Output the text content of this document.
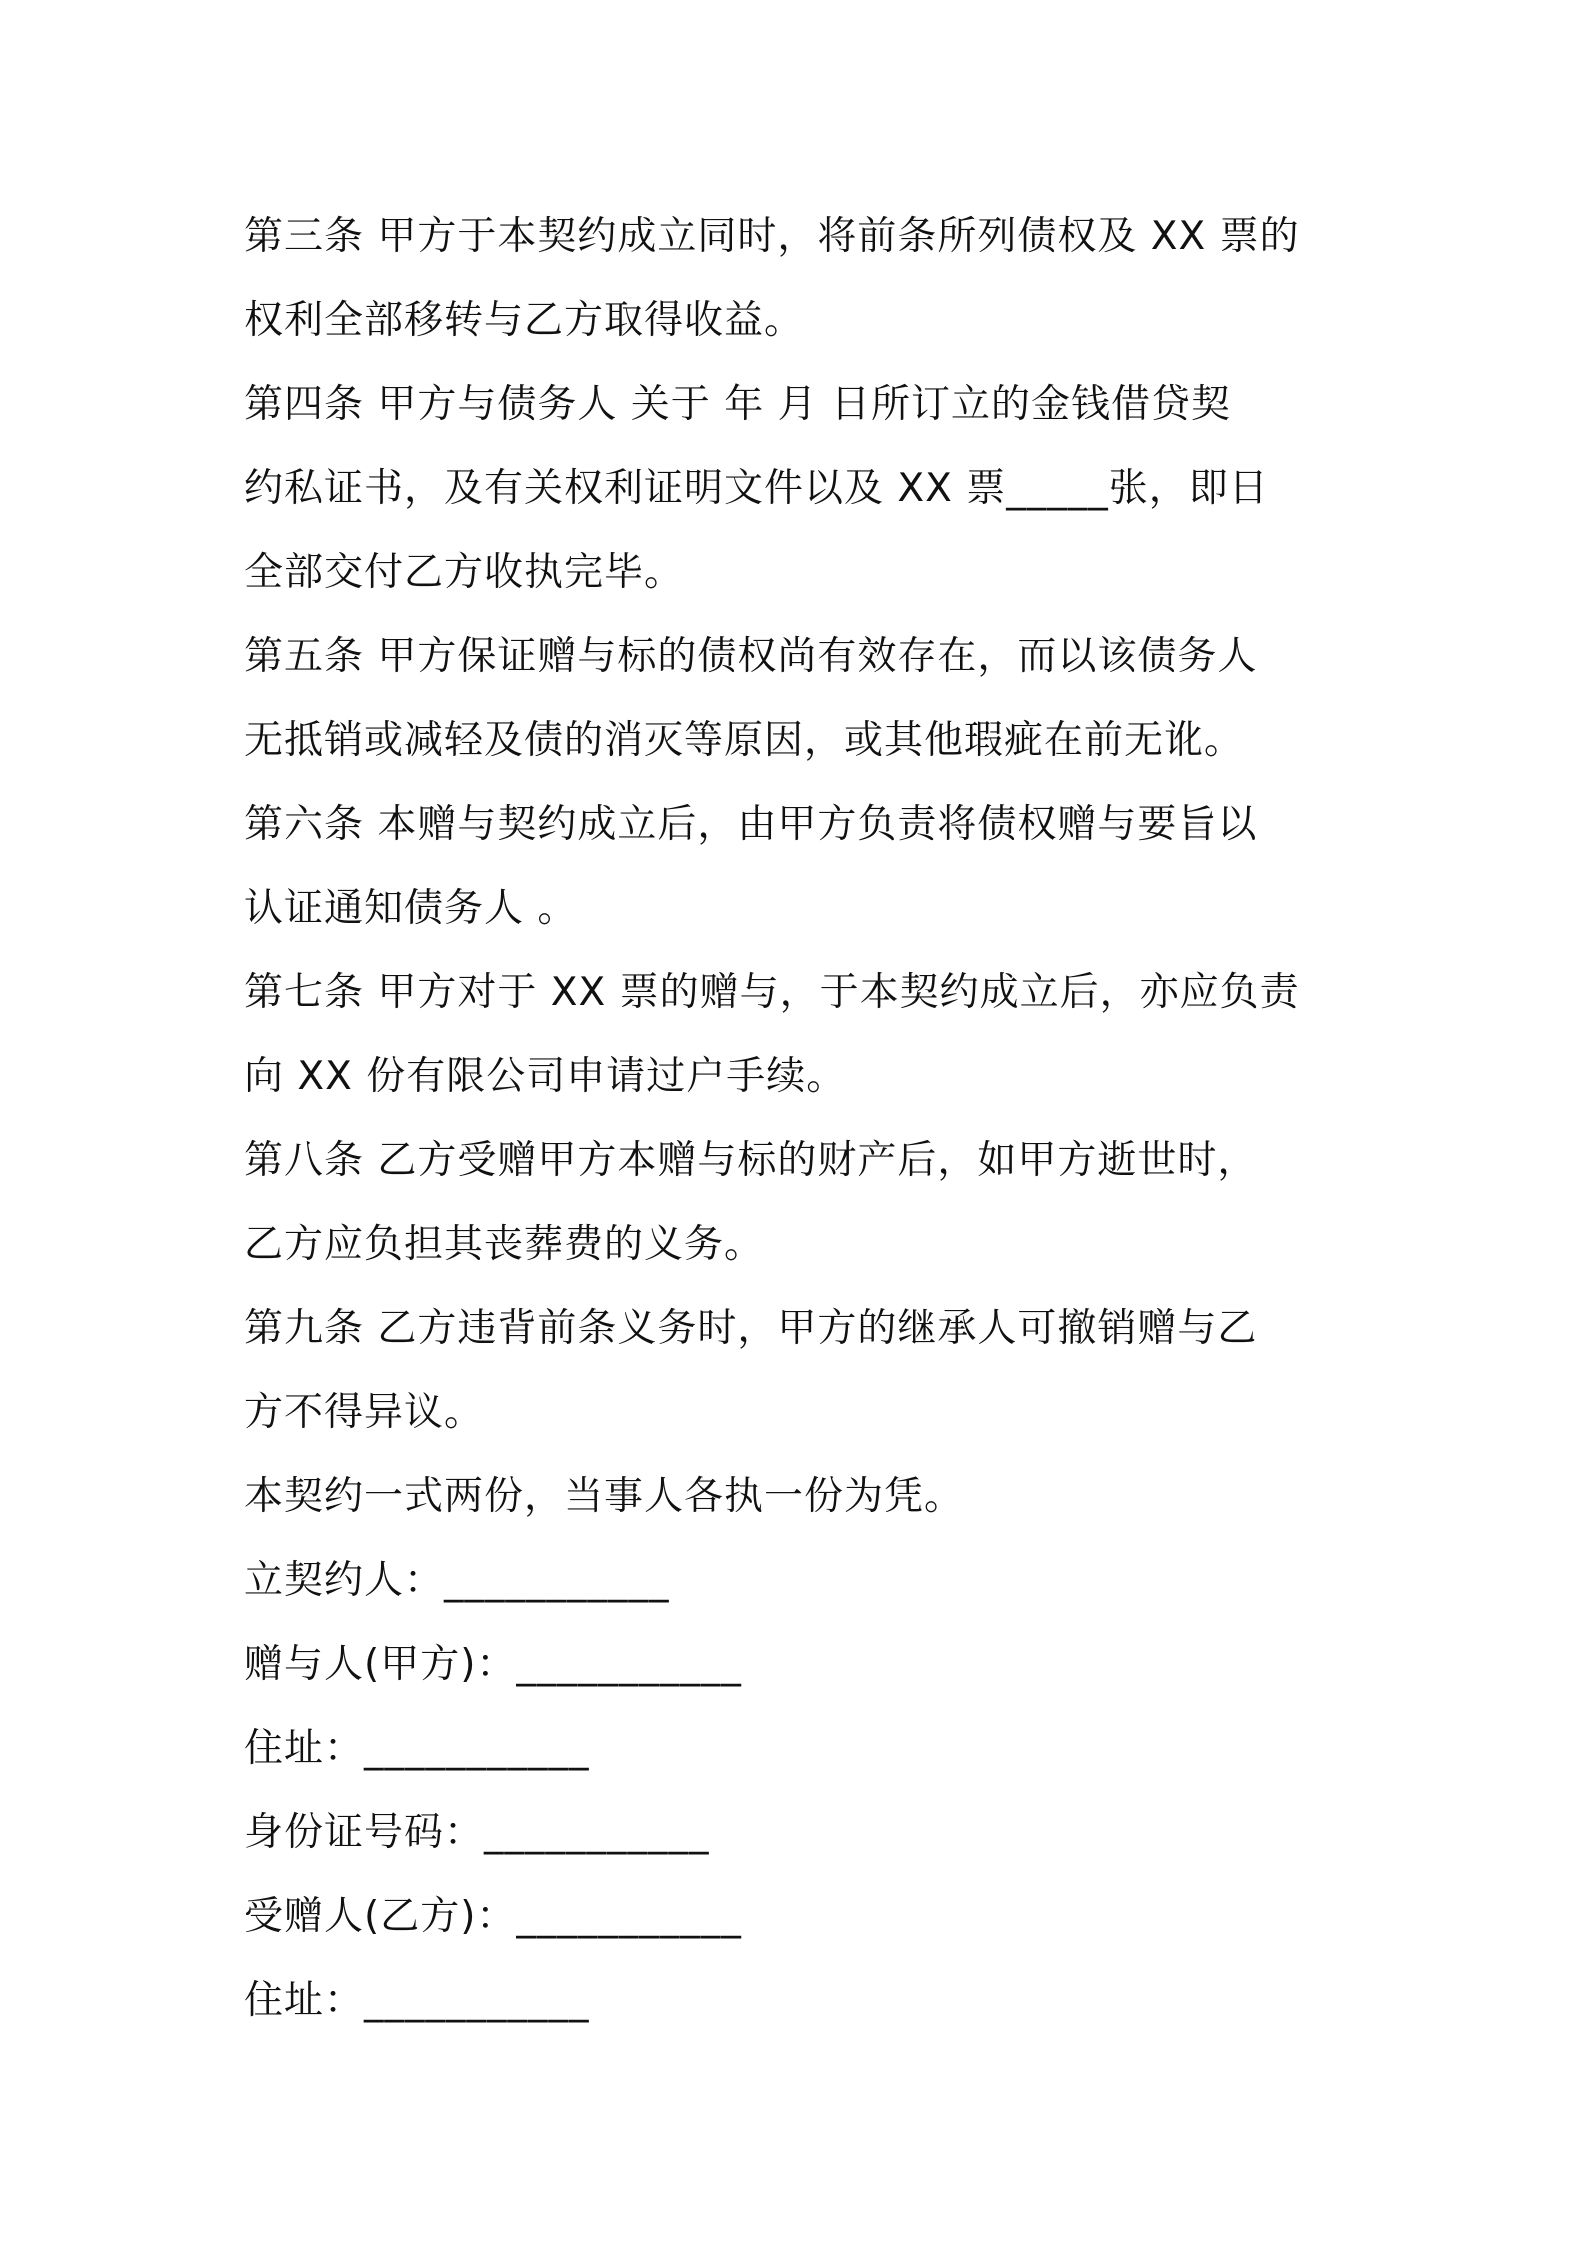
第三条 甲方于本契约成立同时，将前条所列债权及 XX 票的

权利全部移转与乙方取得收益。

第四条 甲方与债务人 关于 年 月 日所订立的金钱借贷契

约私证书，及有关权利证明文件以及 XX 票_____张，即日

全部交付乙方收执完毕。

第五条 甲方保证赠与标的债权尚有效存在，而以该债务人

无抵销或减轻及债的消灭等原因，或其他瑕疵在前无讹。

第六条 本赠与契约成立后，由甲方负责将债权赠与要旨以

认证通知债务人 。

第七条 甲方对于 XX 票的赠与，于本契约成立后，亦应负责

向 XX 份有限公司申请过户手续。

第八条 乙方受赠甲方本赠与标的财产后，如甲方逝世时，

乙方应负担其丧葬费的义务。

第九条 乙方违背前条义务时，甲方的继承人可撤销赠与乙

方不得异议。

本契约一式两份，当事人各执一份为凭。

立契约人：___________

赠与人(甲方)：___________

住址：___________

身份证号码：___________

受赠人(乙方)：___________

住址：___________
